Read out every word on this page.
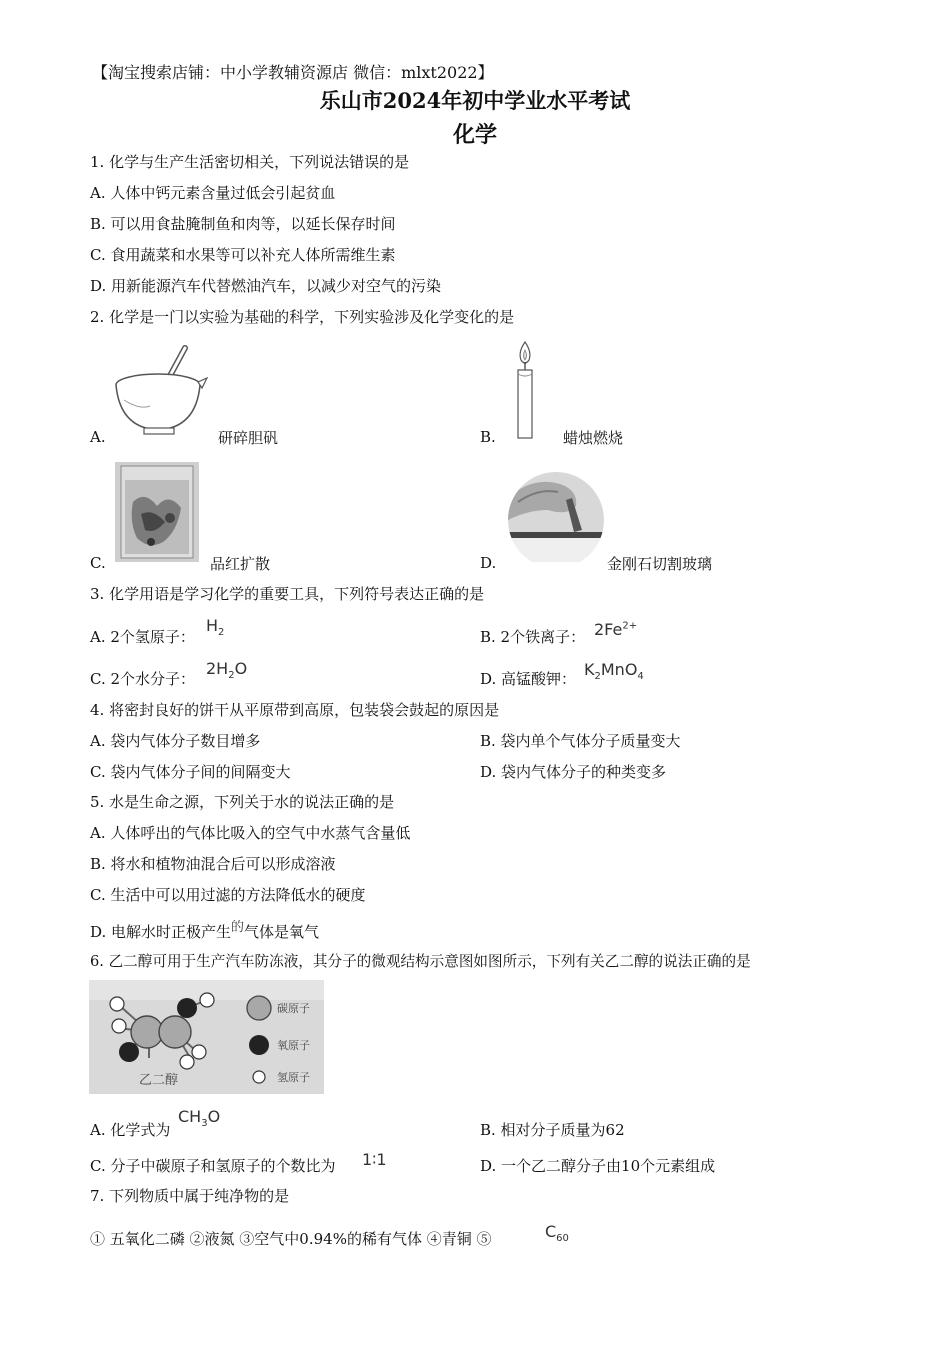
【淘宝搜索店铺：中小学教辅资源店 微信：mlxt2022】
乐山市2024年初中学业水平考试
化学
1. 化学与生产生活密切相关，下列说法错误的是
A. 人体中钙元素含量过低会引起贫血
B. 可以用食盐腌制鱼和肉等，以延长保存时间
C. 食用蔬菜和水果等可以补充人体所需维生素
D. 用新能源汽车代替燃油汽车，以减少对空气的污染
2. 化学是一门以实验为基础的科学，下列实验涉及化学变化的是
A.	研碎胆矾	B.	蜡烛燃烧
C.	品红扩散	D.	金刚石切割玻璃
3. 化学用语是学习化学的重要工具，下列符号表达正确的是
A. 2个氢原子：
$H_2$	B. 2个铁离子： $2Fe^{2+}$
C. 2个水分子：
$2H_2O$
D. 高锰酸钾： $K_2MnO_4$
4. 将密封良好的饼干从平原带到高原，包装袋会鼓起的原因是
A. 袋内气体分子数目增多	B. 袋内单个气体分子质量变大
C. 袋内气体分子间的间隔变大	D. 袋内气体分子的种类变多
5. 水是生命之源，下列关于水的说法正确的是
A. 人体呼出的气体比吸入的空气中水蒸气含量低
B. 将水和植物油混合后可以形成溶液
C. 生活中可以用过滤的方法降低水的硬度
D. 电解水时正极产生的气体是氧气
6. 乙二醇可用于生产汽车防冻液，其分子的微观结构示意图如图所示，下列有关乙二醇的说法正确的是
乙二醇
碳原子
氧原子
氢原子
A. 化学式为
$CH_3O$
B. 相对分子质量为62
C. 分子中碳原子和氢原子的个数比为 1∶1	D. 一个乙二醇分子由10个元素组成
7. 下列物质中属于纯净物的是
① 五氧化二磷 ②液氮 ③空气中0.94%的稀有气体 ④青铜 ⑤	$C_{60}$
